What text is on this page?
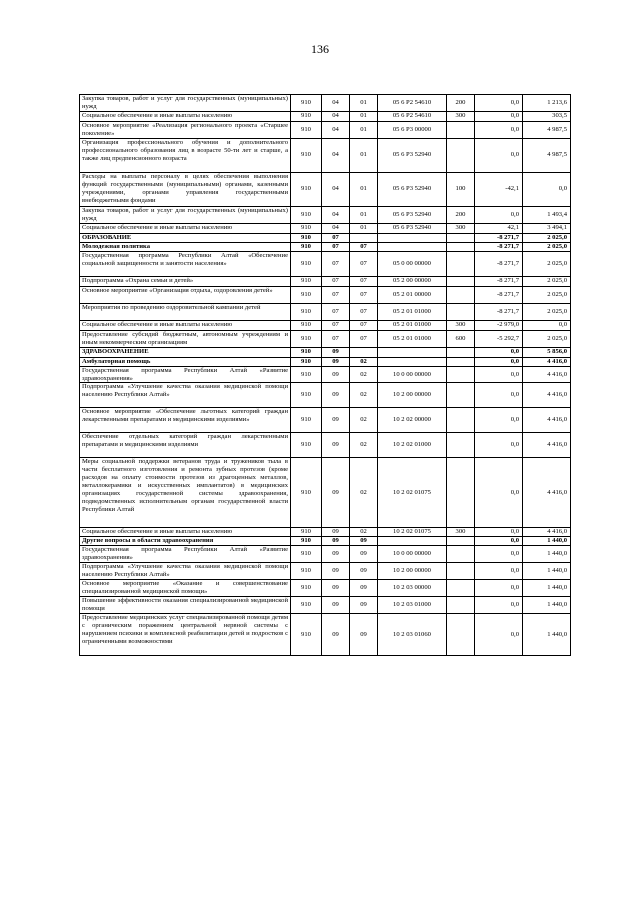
136
Закупка товаров, работ и услуг для государственных (муниципальных) нужд	910	04	01	05 6 P2 54610	200	0,0	1 213,6
Социальное обеспечение и иные выплаты населению	910	04	01	05 6 P2 54610	300	0,0	303,5
Основное мероприятие «Реализация регионального проекта «Старшее поколение»	910	04	01	05 6 P3 00000		0,0	4 987,5
Организация профессионального обучения и дополнительного профессионального образования лиц в возрасте 50-ти лет и старше, а также лиц предпенсионного возраста	910	04	01	05 6 P3 52940		0,0	4 987,5
Расходы на выплаты персоналу в целях обеспечения выполнения функций государственными (муниципальными) органами, казенными учреждениями, органами управления государственными внебюджетными фондами	910	04	01	05 6 P3 52940	100	-42,1	0,0
Закупка товаров, работ и услуг для государственных (муниципальных) нужд	910	04	01	05 6 P3 52940	200	0,0	1 493,4
Социальное обеспечение и иные выплаты населению	910	04	01	05 6 P3 52940	300	42,1	3 494,1
ОБРАЗОВАНИЕ	910	07				-8 271,7	2 025,0
Молодежная политика	910	07	07			-8 271,7	2 025,0
Государственная программа Республики Алтай «Обеспечение социальной защищенности и занятости населения»	910	07	07	05 0 00 00000		-8 271,7	2 025,0
Подпрограмма «Охрана семьи и детей»	910	07	07	05 2 00 00000		-8 271,7	2 025,0
Основное мероприятие «Организация отдыха, оздоровления детей»	910	07	07	05 2 01 00000		-8 271,7	2 025,0
Мероприятия по проведению оздоровительной кампании детей	910	07	07	05 2 01 01000		-8 271,7	2 025,0
Социальное обеспечение и иные выплаты населению	910	07	07	05 2 01 01000	300	-2 979,0	0,0
Предоставление субсидий бюджетным, автономным учреждениям и иным некоммерческим организациям	910	07	07	05 2 01 01000	600	-5 292,7	2 025,0
ЗДРАВООХРАНЕНИЕ	910	09				0,0	5 856,0
Амбулаторная помощь	910	09	02			0,0	4 416,0
Государственная программа Республики Алтай «Развитие здравоохранения»	910	09	02	10 0 00 00000		0,0	4 416,0
Подпрограмма «Улучшение качества оказания медицинской помощи населению Республики Алтай»	910	09	02	10 2 00 00000		0,0	4 416,0
Основное мероприятие «Обеспечение льготных категорий граждан лекарственными препаратами и медицинскими изделиями»	910	09	02	10 2 02 00000		0,0	4 416,0
Обеспечение отдельных категорий граждан лекарственными препаратами и медицинскими изделиями	910	09	02	10 2 02 01000		0,0	4 416,0
Меры социальной поддержки ветеранов труда и тружеников тыла в части бесплатного изготовления и ремонта зубных протезов (кроме расходов на оплату стоимости протезов из драгоценных металлов, металлокерамики и искусственных имплантатов) в медицинских организациях государственной системы здравоохранения, подведомственных исполнительным органам государственной власти Республики Алтай	910	09	02	10 2 02 01075		0,0	4 416,0
Социальное обеспечение и иные выплаты населению	910	09	02	10 2 02 01075	300	0,0	4 416,0
Другие вопросы в области здравоохранения	910	09	09			0,0	1 440,0
Государственная программа Республики Алтай «Развитие здравоохранения»	910	09	09	10 0 00 00000		0,0	1 440,0
Подпрограмма «Улучшение качества оказания медицинской помощи населению Республики Алтай»	910	09	09	10 2 00 00000		0,0	1 440,0
Основное мероприятие «Оказание и совершенствование специализированной медицинской помощи»	910	09	09	10 2 03 00000		0,0	1 440,0
Повышение эффективности оказания специализированной медицинской помощи	910	09	09	10 2 03 01000		0,0	1 440,0
Предоставление медицинских услуг специализированной помощи детям с органическим поражением центральной нервной системы с нарушением психики и комплексной реабилитации детей и подростков с ограниченными возможностями	910	09	09	10 2 03 01060		0,0	1 440,0
